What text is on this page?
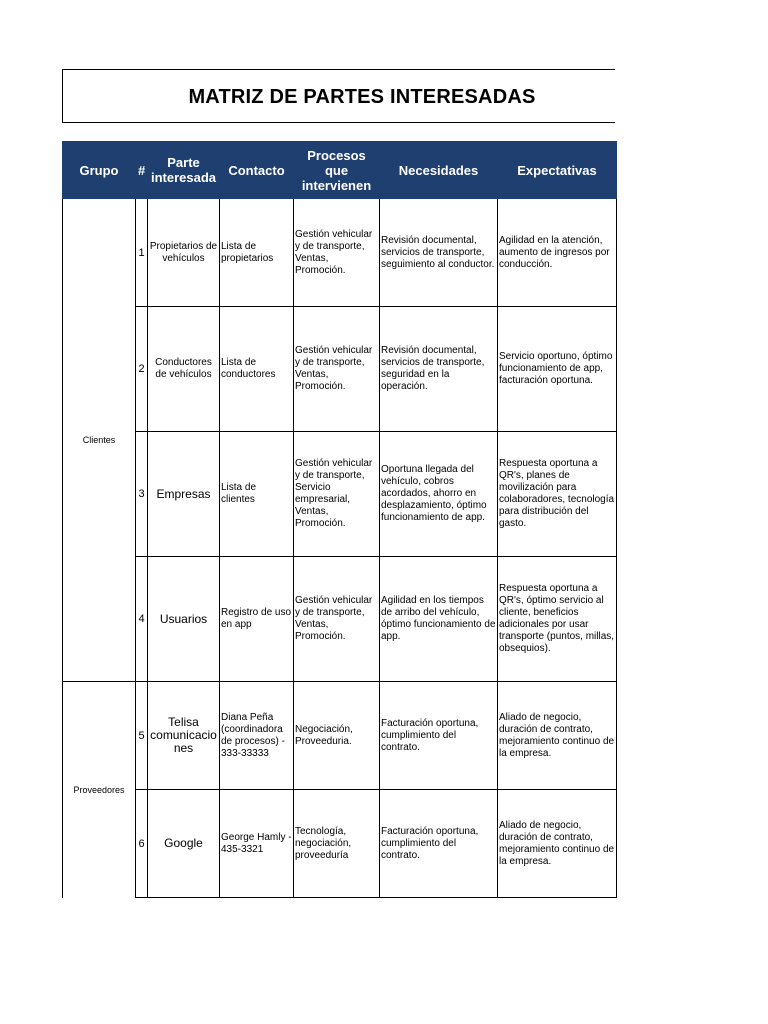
MATRIZ DE PARTES INTERESADAS
Grupo	#	Parte interesada	Contacto	Procesos que intervienen	Necesidades	Expectativas
Clientes	1	Propietarios de vehículos	Lista de propietarios	Gestión vehicular y de transporte, Ventas, Promoción.	Revisión documental, servicios de transporte, seguimiento al conductor.	Agilidad en la atención, aumento de ingresos por conducción.
	2	Conductores de vehículos	Lista de conductores	Gestión vehicular y de transporte, Ventas, Promoción.	Revisión documental, servicios de transporte, seguridad en la operación.	Servicio oportuno, óptimo funcionamiento de app, facturación oportuna.
	3	Empresas	Lista de clientes	Gestión vehicular y de transporte, Servicio empresarial, Ventas, Promoción.	Oportuna llegada del vehículo, cobros acordados, ahorro en desplazamiento, óptimo funcionamiento de app.	Respuesta oportuna a QR's, planes de movilización para colaboradores, tecnología para distribución del gasto.
	4	Usuarios	Registro de uso en app	Gestión vehicular y de transporte, Ventas, Promoción.	Agilidad en los tiempos de arribo del vehículo, óptimo funcionamiento de app.	Respuesta oportuna a QR's, óptimo servicio al cliente, beneficios adicionales por usar transporte (puntos, millas, obsequios).
Proveedores	5	Telisa comunicaciones	Diana Peña (coordinadora de procesos) - 333-33333	Negociación, Proveeduria.	Facturación oportuna, cumplimiento del contrato.	Aliado de negocio, duración de contrato, mejoramiento continuo de la empresa.
	6	Google	George Hamly - 435-3321	Tecnología, negociación, proveeduría	Facturación oportuna, cumplimiento del contrato.	Aliado de negocio, duración de contrato, mejoramiento continuo de la empresa.
